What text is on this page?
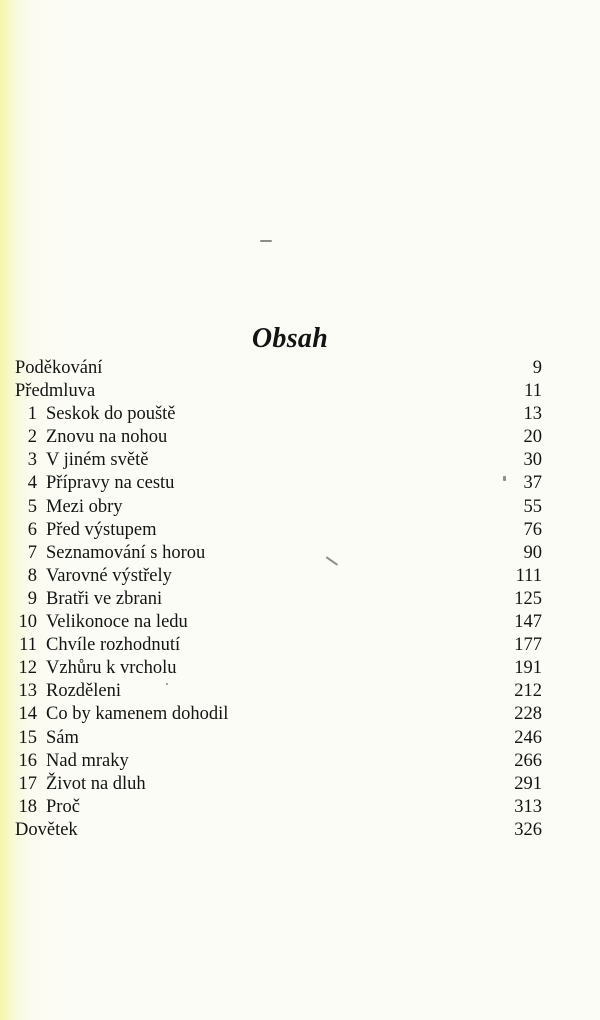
Obsah
Poděkování	9
Předmluva	11
1 Seskok do pouště	13
2 Znovu na nohou	20
3 V jiném světě	30
4 Přípravy na cestu	37
5 Mezi obry	55
6 Před výstupem	76
7 Seznamování s horou	90
8 Varovné výstřely	111
9 Bratři ve zbrani	125
10 Velikonoce na ledu	147
11 Chvíle rozhodnutí	177
12 Vzhůru k vrcholu	191
13 Rozděleni	212
14 Co by kamenem dohodil	228
15 Sám	246
16 Nad mraky	266
17 Život na dluh	291
18 Proč	313
Dovětek	326
